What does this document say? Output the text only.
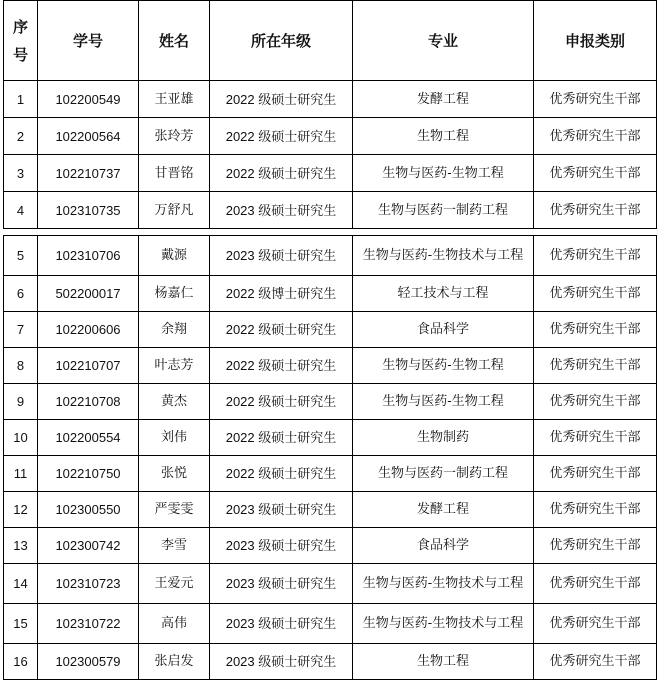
序
号	学号	姓名	所在年级	专业	申报类别
1	102200549	王亚雄	2022 级硕士研究生	发酵工程	优秀研究生干部
2	102200564	张玲芳	2022 级硕士研究生	生物工程	优秀研究生干部
3	102210737	甘晋铭	2022 级硕士研究生	生物与医药-生物工程	优秀研究生干部
4	102310735	万舒凡	2023 级硕士研究生	生物与医药一制药工程	优秀研究生干部

5	102310706	戴源	2023 级硕士研究生	生物与医药-生物技术与工程	优秀研究生干部
6	502200017	杨嘉仁	2022 级博士研究生	轻工技术与工程	优秀研究生干部
7	102200606	余翔	2022 级硕士研究生	食品科学	优秀研究生干部
8	102210707	叶志芳	2022 级硕士研究生	生物与医药-生物工程	优秀研究生干部
9	102210708	黄杰	2022 级硕士研究生	生物与医药-生物工程	优秀研究生干部
10	102200554	刘伟	2022 级硕士研究生	生物制药	优秀研究生干部
11	102210750	张悦	2022 级硕士研究生	生物与医药一制药工程	优秀研究生干部
12	102300550	严雯雯	2023 级硕士研究生	发酵工程	优秀研究生干部
13	102300742	李雪	2023 级硕士研究生	食品科学	优秀研究生干部
14	102310723	王爱元	2023 级硕士研究生	生物与医药-生物技术与工程	优秀研究生干部
15	102310722	高伟	2023 级硕士研究生	生物与医药-生物技术与工程	优秀研究生干部
16	102300579	张启发	2023 级硕士研究生	生物工程	优秀研究生干部
